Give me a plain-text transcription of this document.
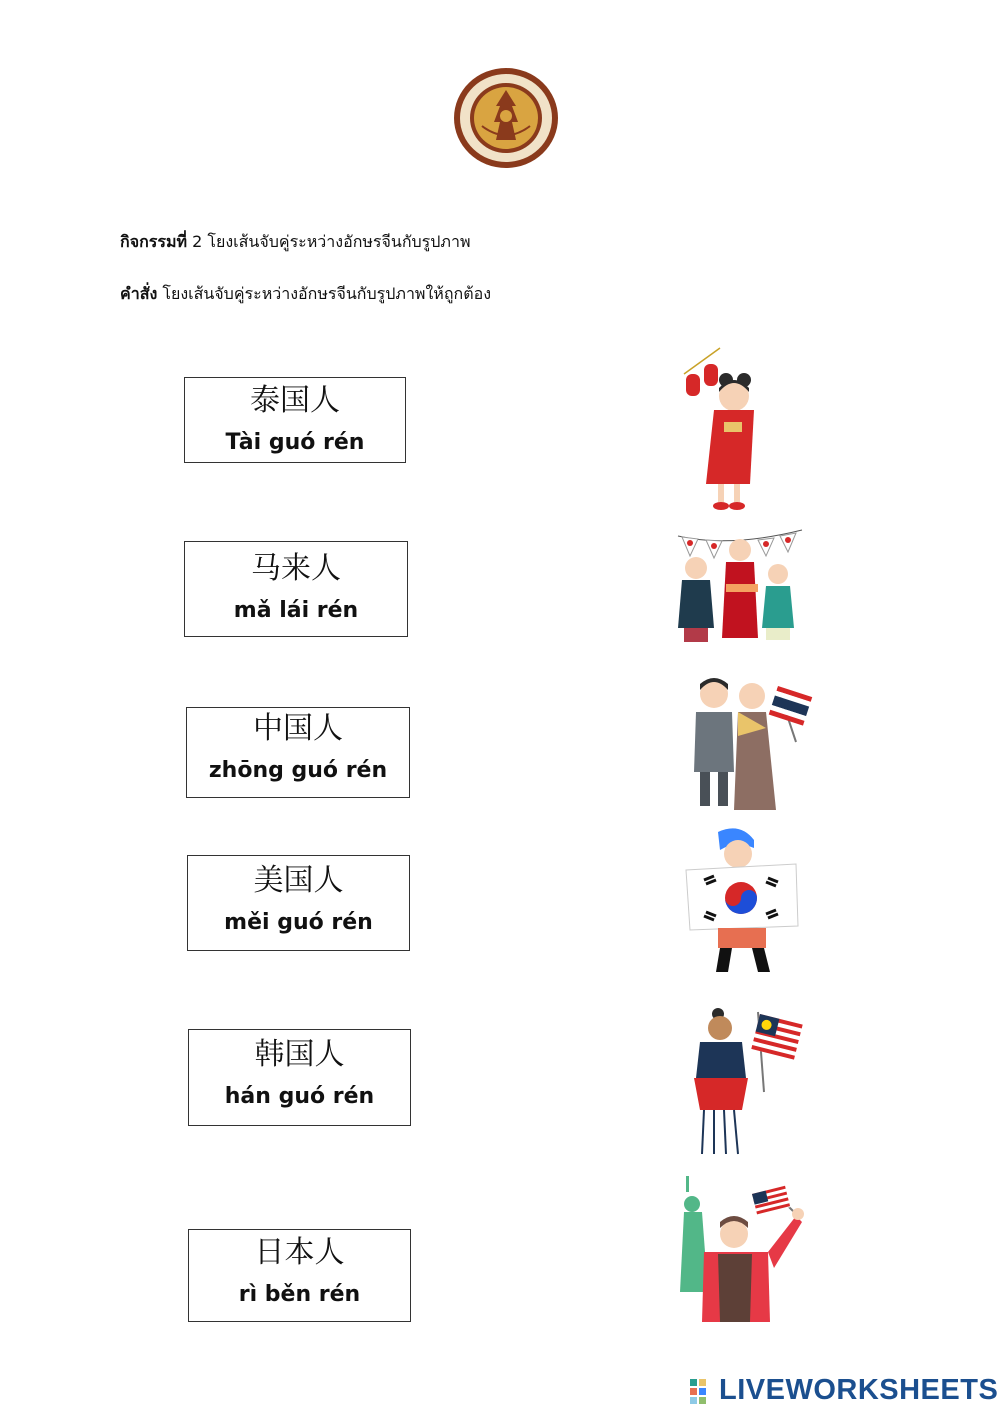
กิจกรรมที่ 2 โยงเส้นจับคู่ระหว่างอักษรจีนกับรูปภาพ
คำสั่ง โยงเส้นจับคู่ระหว่างอักษรจีนกับรูปภาพให้ถูกต้อง
泰国人
Tài guó rén
马来人
mǎ lái rén
中国人
zhōng guó rén
美国人
měi guó rén
韩国人
hán guó rén
日本人
rì běn rén
LIVEWORKSHEETS
